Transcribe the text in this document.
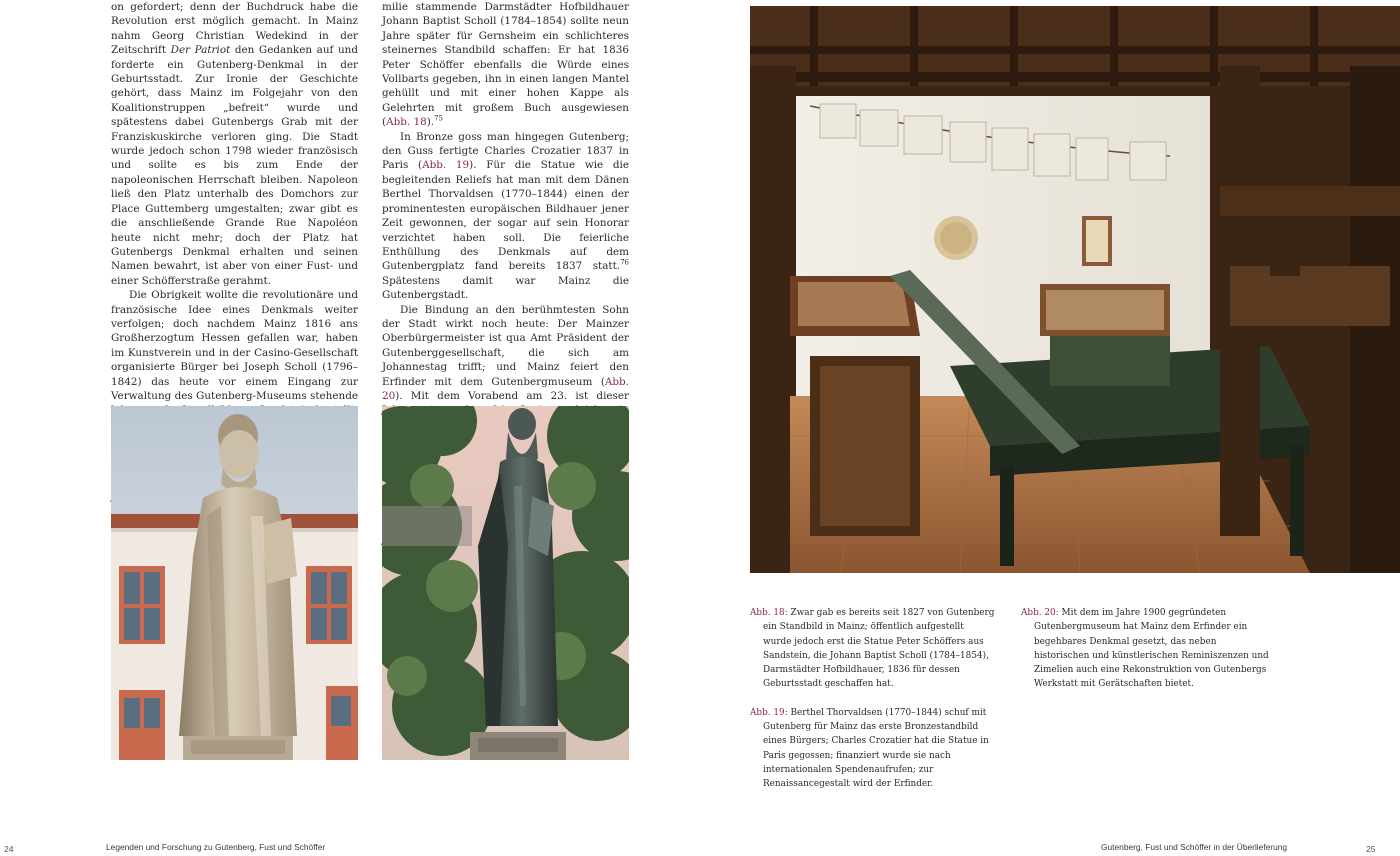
on gefordert; denn der Buchdruck habe die Revolution erst möglich gemacht. In Mainz nahm Georg Christian Wedekind in der Zeitschrift Der Patriot den Gedanken auf und forderte ein Gutenberg-Denkmal in der Geburtsstadt. Zur Ironie der Geschichte gehört, dass Mainz im Folgejahr von den Koalitionstruppen „befreit“ wurde und spätestens dabei Gutenbergs Grab mit der Franziskuskirche verloren ging. Die Stadt wurde jedoch schon 1798 wieder französisch und sollte es bis zum Ende der napoleonischen Herrschaft bleiben. Napoleon ließ den Platz unterhalb des Domchors zur Place Guttemberg umgestalten; zwar gibt es die anschließende Grande Rue Napoléon heute nicht mehr; doch der Platz hat Gutenbergs Denkmal erhalten und seinen Namen bewahrt, ist aber von einer Fust- und einer Schöfferstraße gerahmt.

Die Obrigkeit wollte die revolutionäre und französische Idee eines Denkmals weiter verfolgen; doch nachdem Mainz 1816 ans Großherzogtum Hessen gefallen war, haben im Kunstverein und in der Casino-Gesellschaft organisierte Bürger bei Joseph Scholl (1796–1842) das heute vor einem Eingang zur Verwaltung des Gutenberg-Museums stehende

milie stammende Darmstädter Hofbildhauer Johann Baptist Scholl (1784–1854) sollte neun Jahre später für Gernsheim ein schlichteres steinernes Standbild schaffen: Er hat 1836 Peter Schöffer ebenfalls die Würde eines Vollbarts gegeben, ihn in einen langen Mantel gehüllt und mit einer hohen Kappe als Gelehrten mit großem Buch ausgewiesen (Abb. 18).$^{75}$

In Bronze goss man hingegen Gutenberg; den Guss fertigte Charles Crozatier 1837 in Paris (Abb. 19). Für die Statue wie die begleitenden Reliefs hat man mit dem Dänen Berthel Thorvaldsen (1770–1844) einen der prominentesten europäischen Bildhauer jener Zeit gewonnen, der sogar auf sein Honorar verzichtet haben soll. Die feierliche Enthüllung des Denkmals auf dem Gutenbergplatz fand bereits 1837 statt.$^{76}$ Spätestens damit war Mainz die Gutenbergstadt.

Die Bindung an den berühmtesten Sohn der Stadt wirkt noch heute: Der Mainzer Oberbürgermeister ist qua Amt Präsident der Gutenberggesellschaft, die sich am Johannestag trifft; und Mainz feiert den Erfinder mit dem Gutenbergmuseum (Abb. 20). Mit dem Vorabend am 23. ist dieser

Abb. 18: Zwar gab es bereits seit 1827 von Gutenberg ein Standbild in Mainz; öffentlich aufgestellt wurde jedoch erst die Statue Peter Schöffers aus Sandstein, die Johann Baptist Scholl (1784–1854), Darmstädter Hofbildhauer, 1836 für dessen Geburtsstadt geschaffen hat.

Abb. 19: Berthel Thorvaldsen (1770–1844) schuf mit Gutenberg für Mainz das erste Bronzestandbild eines Bürgers; Charles Crozatier hat die Statue in Paris gegossen; finanziert wurde sie nach internationalen Spendenaufrufen; zur Renaissancegestalt wird der Erfinder.

Abb. 20: Mit dem im Jahre 1900 gegründeten Gutenbergmuseum hat Mainz dem Erfinder ein begehbares Denkmal gesetzt, das neben historischen und künstlerischen Reminiszenzen und Zimelien auch eine Rekonstruktion von Gutenbergs Werkstatt mit Gerätschaften bietet.

24	Legenden und Forschung zu Gutenberg, Fust und Schöffer	Gutenberg, Fust und Schöffer in der Überlieferung	25
